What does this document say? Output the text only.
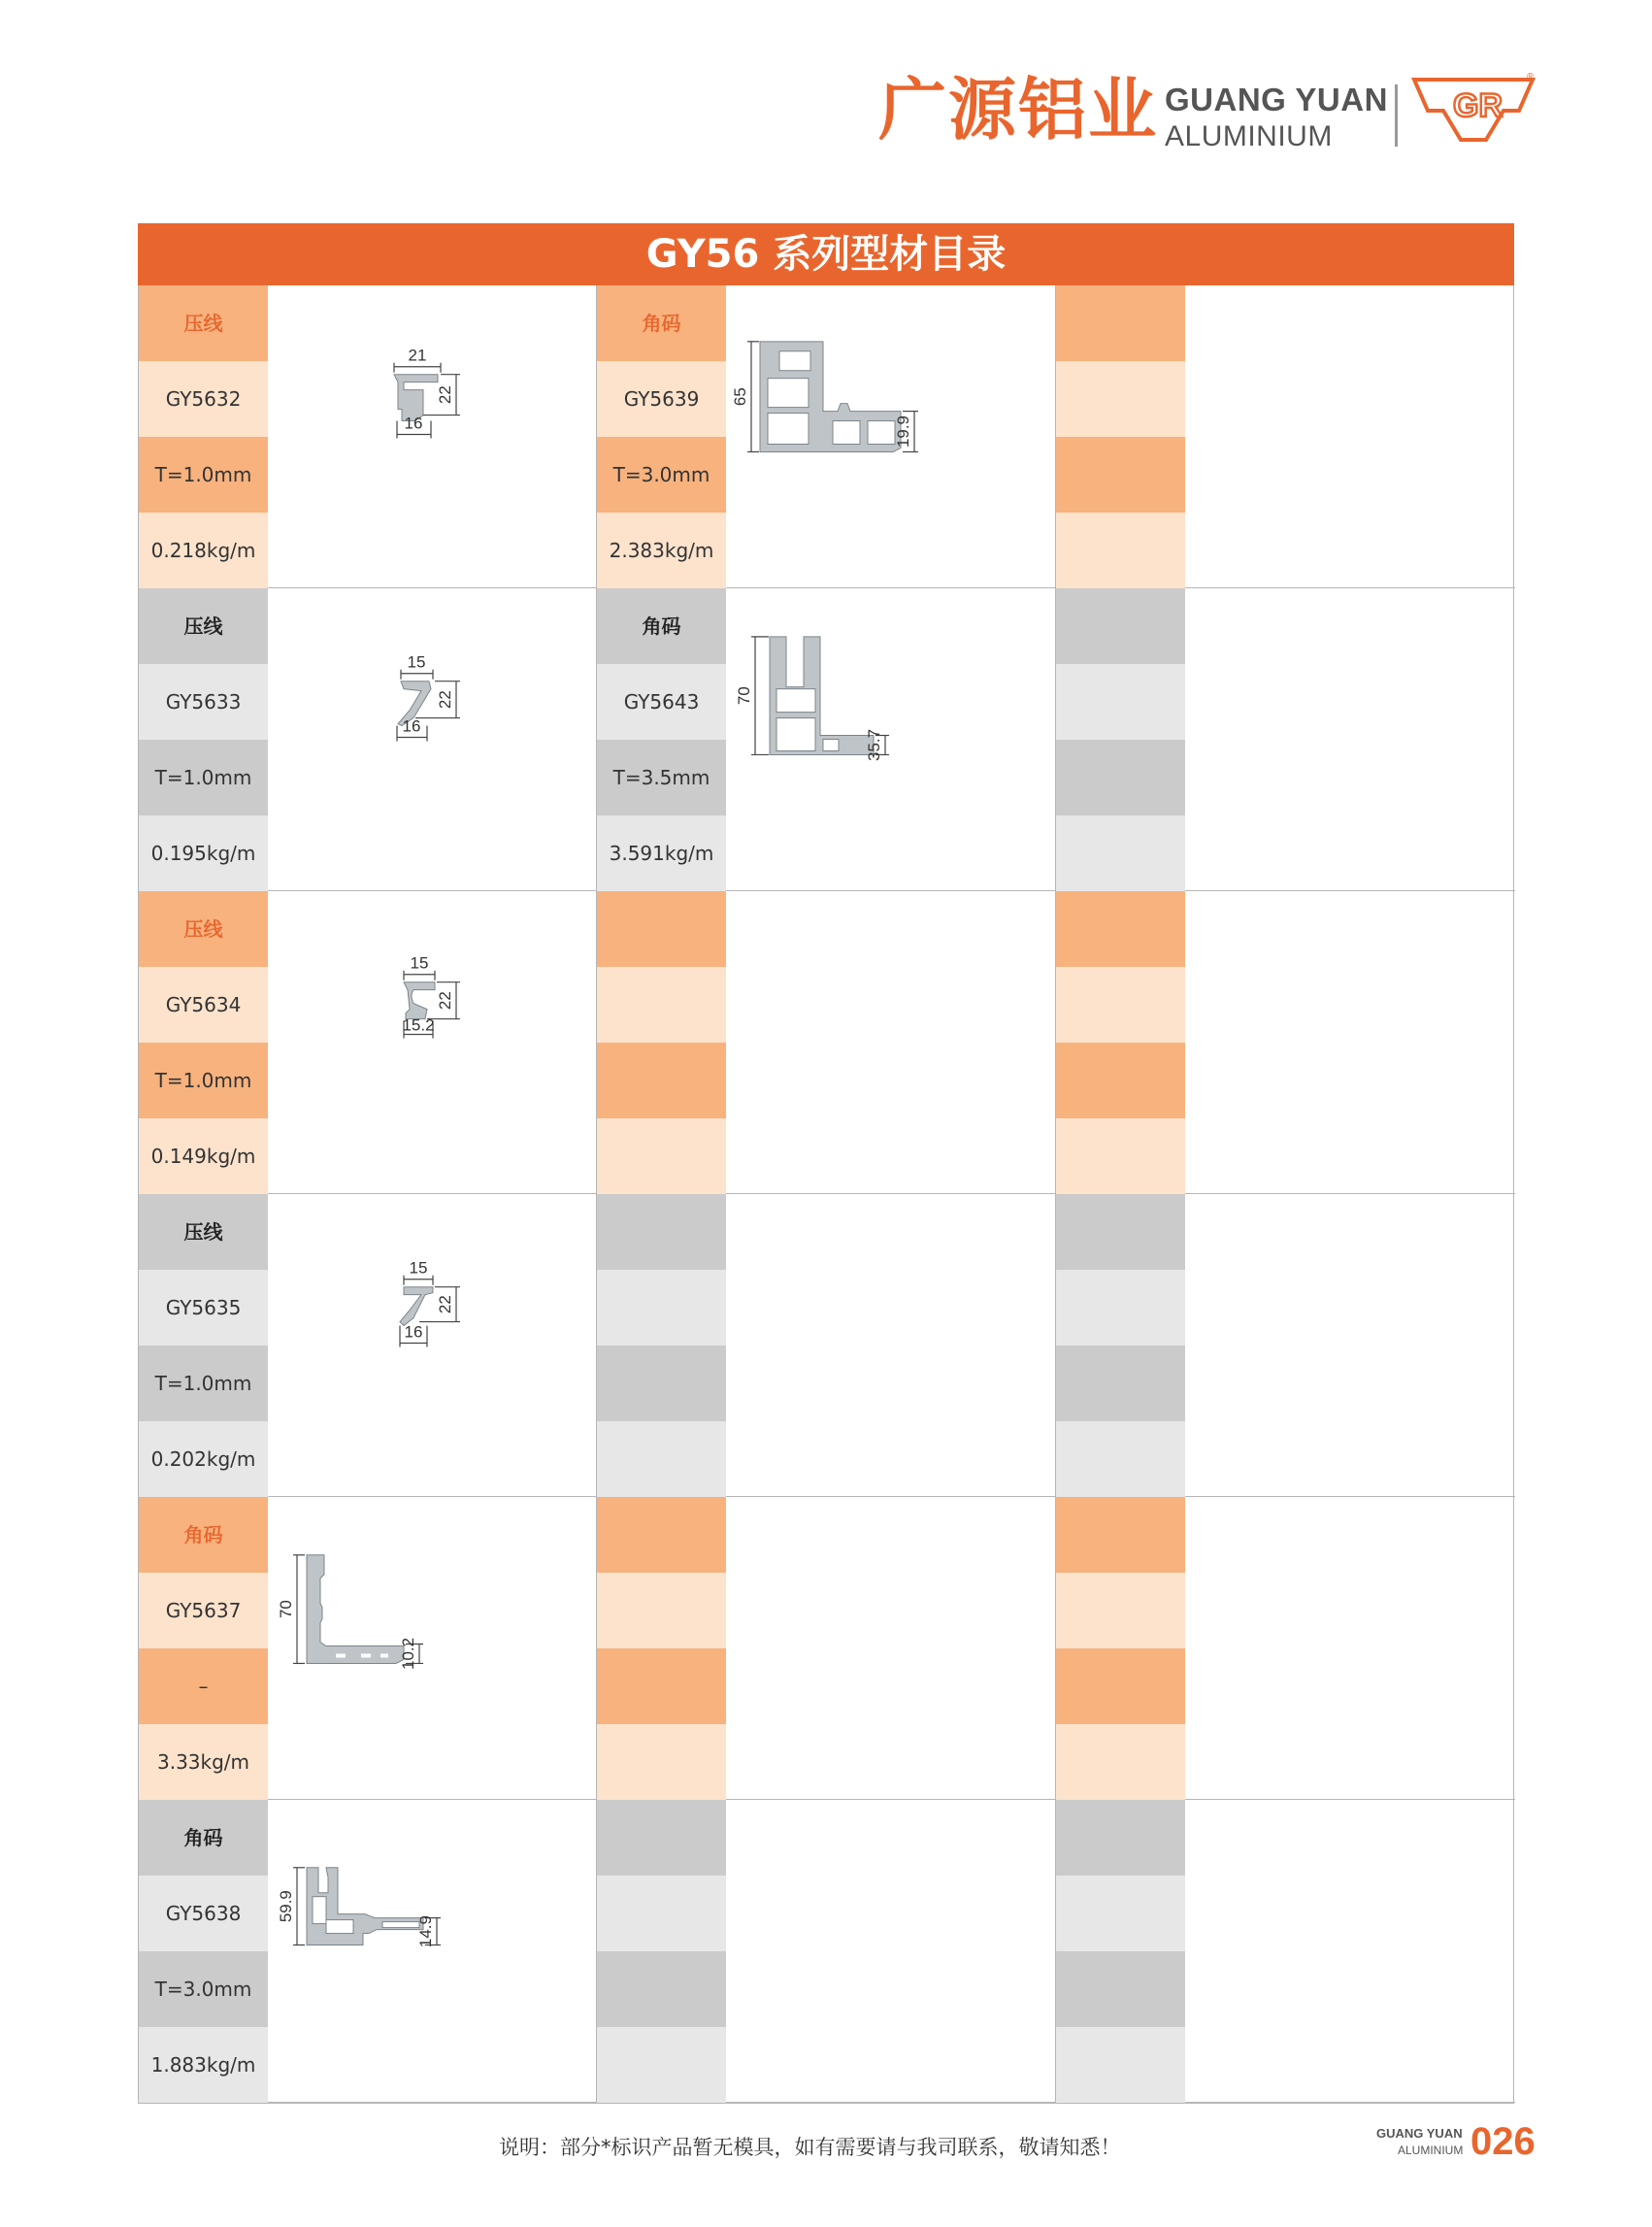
广源铝业 GUANG YUAN
ALUMINIUM
GR
®
GY56 系列型材目录
压线
GY5632
T=1.0mm
0.218kg/m
21
22
16
角码
GY5639
T=3.0mm
2.383kg/m
65
19.9
压线
GY5633
T=1.0mm
0.195kg/m
15
22
16
角码
GY5643
T=3.5mm
3.591kg/m
70
35.7
压线
GY5634
T=1.0mm
0.149kg/m
15
22
15.2
压线
GY5635
T=1.0mm
0.202kg/m
15
22
16
角码
GY5637
–
3.33kg/m
70
10.2
角码
GY5638
T=3.0mm
1.883kg/m
59.9
14.9
说明：部分*标识产品暂无模具，如有需要请与我司联系，敬请知悉！
GUANG YUAN
ALUMINIUM 026
